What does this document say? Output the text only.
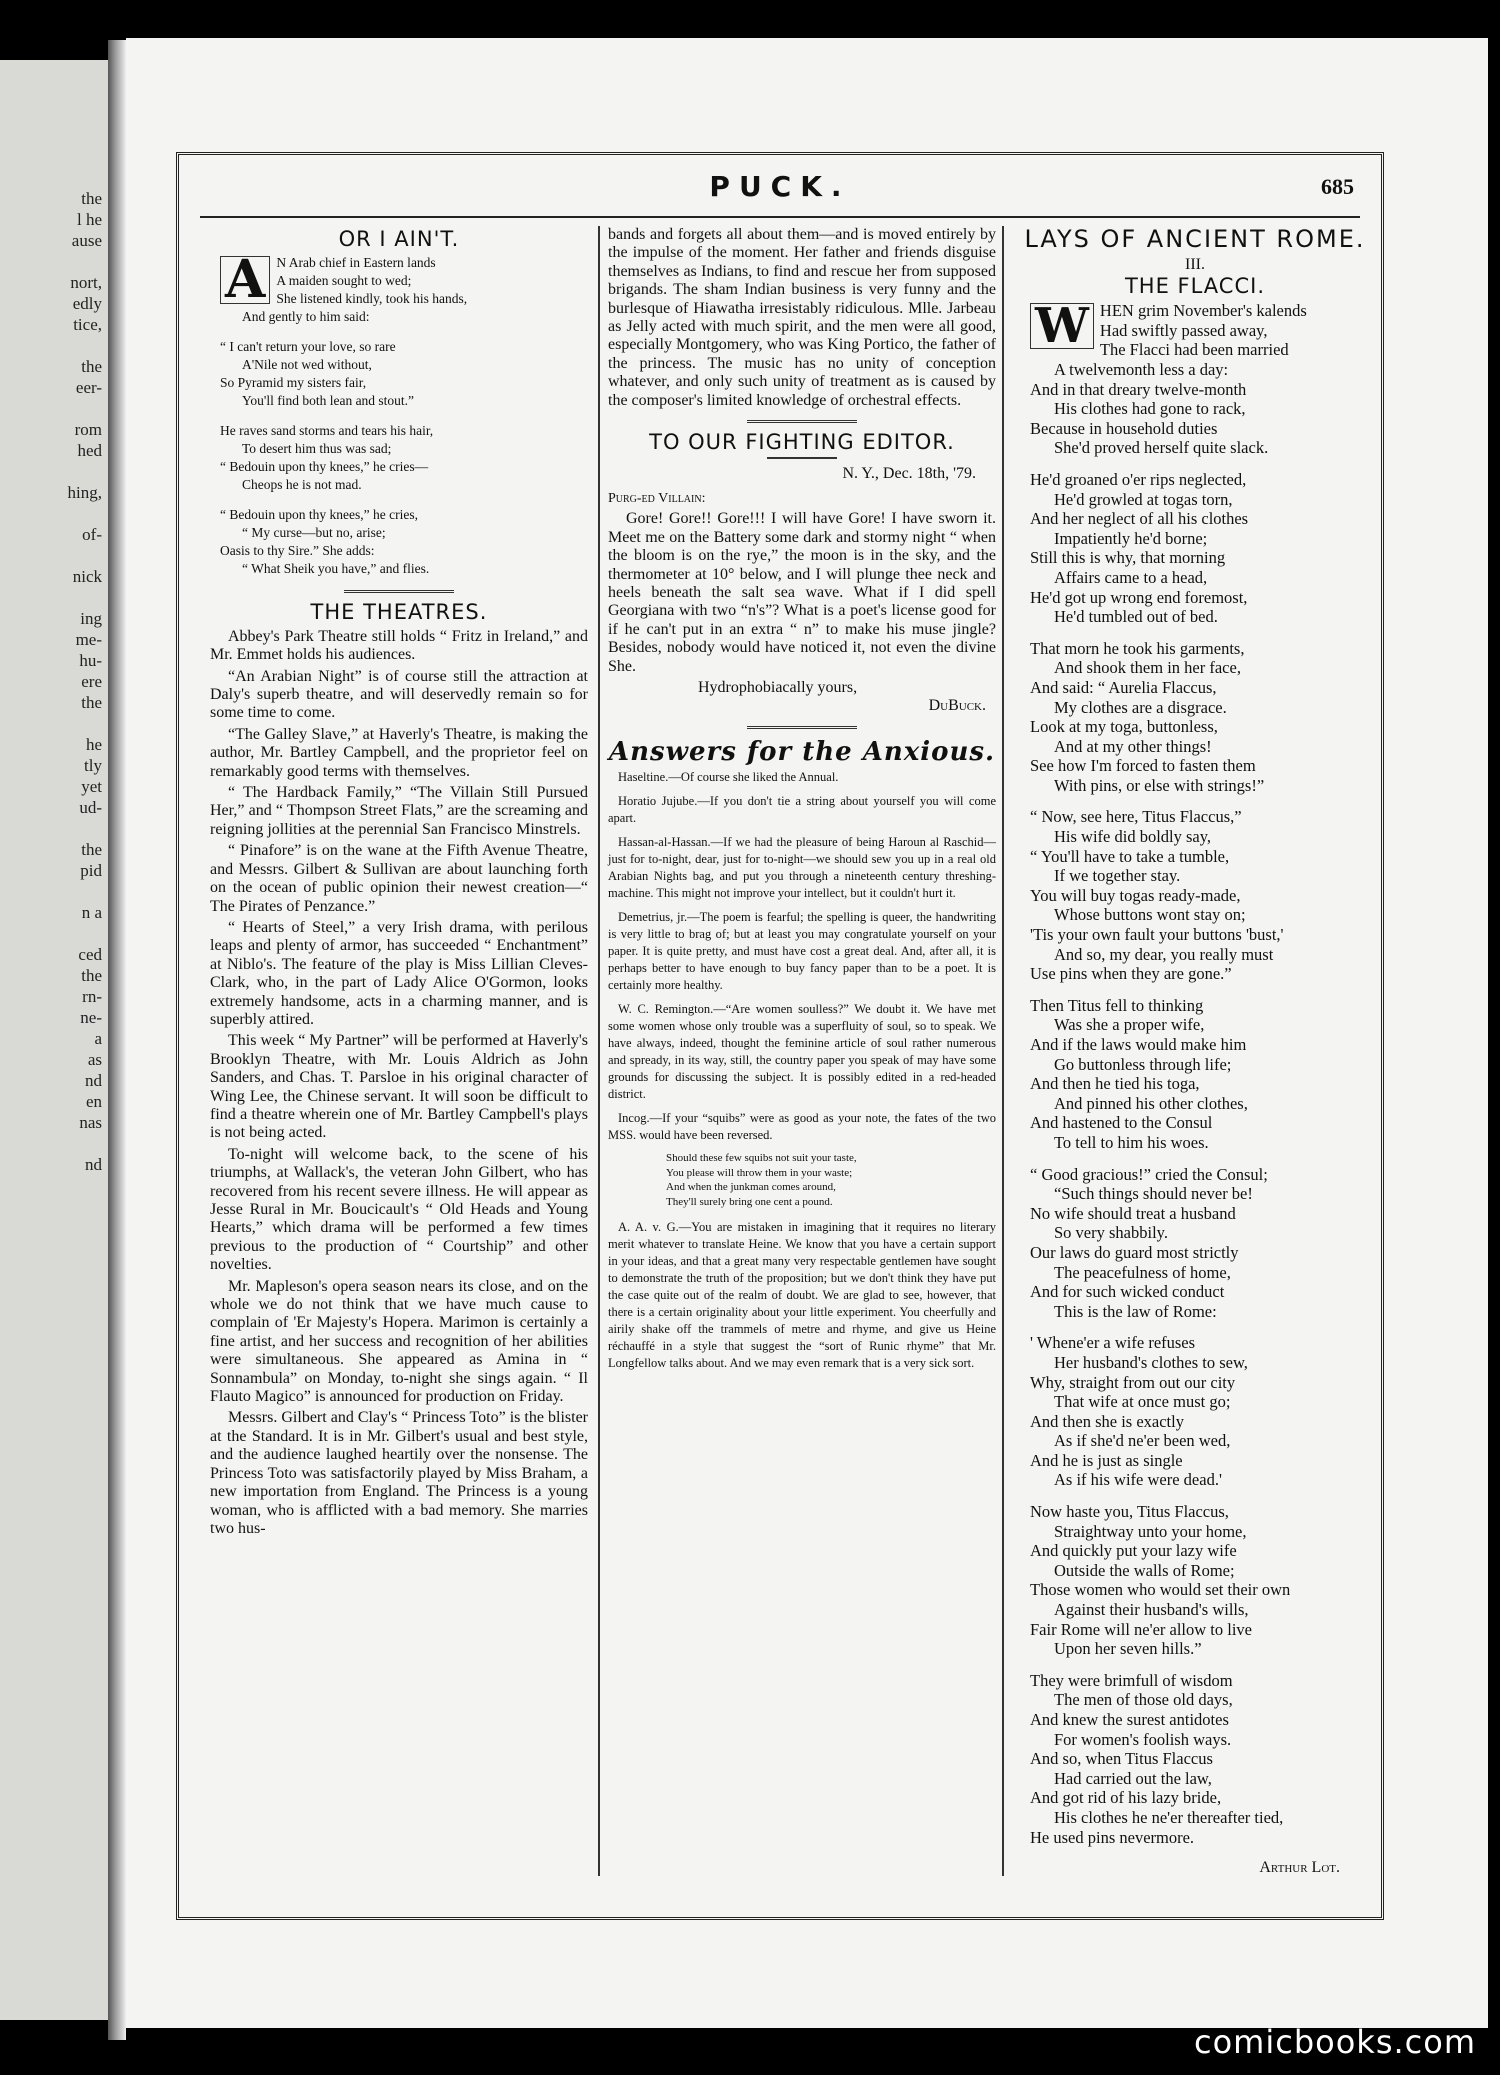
the
l he
ause
nort,
edly
tice,
the
eer-
rom
hed
hing,
of-
nick
ing
me-
hu-
ere
the
he
tly
yet
ud-
the
pid
n a
ced
the
rn-
ne-
a
as
nd
en
nas
nd
PUCK.	685
OR I AIN'T.
A N Arab chief in Eastern lands
A maiden sought to wed;
She listened kindly, took his hands,
And gently to him said:
“ I can't return your love, so rare
A'Nile not wed without,
So Pyramid my sisters fair,
You'll find both lean and stout.”
He raves sand storms and tears his hair,
To desert him thus was sad;
“ Bedouin upon thy knees,” he cries—
Cheops he is not mad.
“ Bedouin upon thy knees,” he cries,
“ My curse—but no, arise;
Oasis to thy Sire.” She adds:
“ What Sheik you have,” and flies.
THE THEATRES.

Abbey's Park Theatre still holds “ Fritz in Ireland,” and Mr. Emmet holds his audiences.

“An Arabian Night” is of course still the attraction at Daly's superb theatre, and will deservedly remain so for some time to come.

“The Galley Slave,” at Haverly's Theatre, is making the author, Mr. Bartley Campbell, and the proprietor feel on remarkably good terms with themselves.

“ The Hardback Family,” “The Villain Still Pursued Her,” and “ Thompson Street Flats,” are the screaming and reigning jollities at the perennial San Francisco Minstrels.

“ Pinafore” is on the wane at the Fifth Avenue Theatre, and Messrs. Gilbert & Sullivan are about launching forth on the ocean of public opinion their newest creation—“ The Pirates of Penzance.”

“ Hearts of Steel,” a very Irish drama, with perilous leaps and plenty of armor, has succeeded “ Enchantment” at Niblo's. The feature of the play is Miss Lillian Cleves-Clark, who, in the part of Lady Alice O'Gormon, looks extremely handsome, acts in a charming manner, and is superbly attired.

This week “ My Partner” will be performed at Haverly's Brooklyn Theatre, with Mr. Louis Aldrich as John Sanders, and Chas. T. Parsloe in his original character of Wing Lee, the Chinese servant. It will soon be difficult to find a theatre wherein one of Mr. Bartley Campbell's plays is not being acted.

To-night will welcome back, to the scene of his triumphs, at Wallack's, the veteran John Gilbert, who has recovered from his recent severe illness. He will appear as Jesse Rural in Mr. Boucicault's “ Old Heads and Young Hearts,” which drama will be performed a few times previous to the production of “ Courtship” and other novelties.

Mr. Mapleson's opera season nears its close, and on the whole we do not think that we have much cause to complain of 'Er Majesty's Hopera. Marimon is certainly a fine artist, and her success and recognition of her abilities were simultaneous. She appeared as Amina in “ Sonnambula” on Monday, to-night she sings again. “ Il Flauto Magico” is announced for production on Friday.

Messrs. Gilbert and Clay's “ Princess Toto” is the blister at the Standard. It is in Mr. Gilbert's usual and best style, and the audience laughed heartily over the nonsense. The Princess Toto was satisfactorily played by Miss Braham, a new importation from England. The Princess is a young woman, who is afflicted with a bad memory. She marries two hus-

bands and forgets all about them—and is moved entirely by the impulse of the moment. Her father and friends disguise themselves as Indians, to find and rescue her from supposed brigands. The sham Indian business is very funny and the burlesque of Hiawatha irresistably ridiculous. Mlle. Jarbeau as Jelly acted with much spirit, and the men were all good, especially Montgomery, who was King Portico, the father of the princess. The music has no unity of conception whatever, and only such unity of treatment as is caused by the composer's limited knowledge of orchestral effects.

TO OUR FIGHTING EDITOR.
N. Y., Dec. 18th, '79.
Purg-ed Villain:

Gore! Gore!! Gore!!! I will have Gore! I have sworn it. Meet me on the Battery some dark and stormy night “ when the bloom is on the rye,” the moon is in the sky, and the thermometer at 10° below, and I will plunge thee neck and heels beneath the salt sea wave. What if I did spell Georgiana with two “n's”? What is a poet's license good for if he can't put in an extra “ n” to make his muse jingle? Besides, nobody would have noticed it, not even the divine She.

Hydrophobiacally yours,
DuBuck.
Answers for the Anxious.

Haseltine.—Of course she liked the Annual.

Horatio Jujube.—If you don't tie a string about yourself you will come apart.

Hassan-al-Hassan.—If we had the pleasure of being Haroun al Raschid—just for to-night, dear, just for to-night—we should sew you up in a real old Arabian Nights bag, and put you through a nineteenth century threshing-machine. This might not improve your intellect, but it couldn't hurt it.

Demetrius, jr.—The poem is fearful; the spelling is queer, the handwriting is very little to brag of; but at least you may congratulate yourself on your paper. It is quite pretty, and must have cost a great deal. And, after all, it is perhaps better to have enough to buy fancy paper than to be a poet. It is certainly more healthy.

W. C. Remington.—“Are women soulless?” We doubt it. We have met some women whose only trouble was a superfluity of soul, so to speak. We have always, indeed, thought the feminine article of soul rather numerous and spready, in its way, still, the country paper you speak of may have some grounds for discussing the subject. It is possibly edited in a red-headed district.

Incog.—If your “squibs” were as good as your note, the fates of the two MSS. would have been reversed.

Should these few squibs not suit your taste,
You please will throw them in your waste;
And when the junkman comes around,
They'll surely bring one cent a pound.

A. A. v. G.—You are mistaken in imagining that it requires no literary merit whatever to translate Heine. We know that you have a certain support in your ideas, and that a great many very respectable gentlemen have sought to demonstrate the truth of the proposition; but we don't think they have put the case quite out of the realm of doubt. We are glad to see, however, that there is a certain originality about your little experiment. You cheerfully and airily shake off the trammels of metre and rhyme, and give us Heine réchauffé in a style that suggest the “sort of Runic rhyme” that Mr. Longfellow talks about. And we may even remark that is a very sick sort.

LAYS OF ANCIENT ROME.
III.
THE FLACCI.
W HEN grim November's kalends
Had swiftly passed away,
The Flacci had been married
A twelvemonth less a day:
And in that dreary twelve-month
His clothes had gone to rack,
Because in household duties
She'd proved herself quite slack.
He'd groaned o'er rips neglected,
He'd growled at togas torn,
And her neglect of all his clothes
Impatiently he'd borne;
Still this is why, that morning
Affairs came to a head,
He'd got up wrong end foremost,
He'd tumbled out of bed.
That morn he took his garments,
And shook them in her face,
And said: “ Aurelia Flaccus,
My clothes are a disgrace.
Look at my toga, buttonless,
And at my other things!
See how I'm forced to fasten them
With pins, or else with strings!”
“ Now, see here, Titus Flaccus,”
His wife did boldly say,
“ You'll have to take a tumble,
If we together stay.
You will buy togas ready-made,
Whose buttons wont stay on;
'Tis your own fault your buttons 'bust,'
And so, my dear, you really must
Use pins when they are gone.”
Then Titus fell to thinking
Was she a proper wife,
And if the laws would make him
Go buttonless through life;
And then he tied his toga,
And pinned his other clothes,
And hastened to the Consul
To tell to him his woes.
“ Good gracious!” cried the Consul;
“Such things should never be!
No wife should treat a husband
So very shabbily.
Our laws do guard most strictly
The peacefulness of home,
And for such wicked conduct
This is the law of Rome:
' Whene'er a wife refuses
Her husband's clothes to sew,
Why, straight from out our city
That wife at once must go;
And then she is exactly
As if she'd ne'er been wed,
And he is just as single
As if his wife were dead.'
Now haste you, Titus Flaccus,
Straightway unto your home,
And quickly put your lazy wife
Outside the walls of Rome;
Those women who would set their own
Against their husband's wills,
Fair Rome will ne'er allow to live
Upon her seven hills.”
They were brimfull of wisdom
The men of those old days,
And knew the surest antidotes
For women's foolish ways.
And so, when Titus Flaccus
Had carried out the law,
And got rid of his lazy bride,
His clothes he ne'er thereafter tied,
He used pins nevermore.
Arthur Lot.
comicbooks.com
